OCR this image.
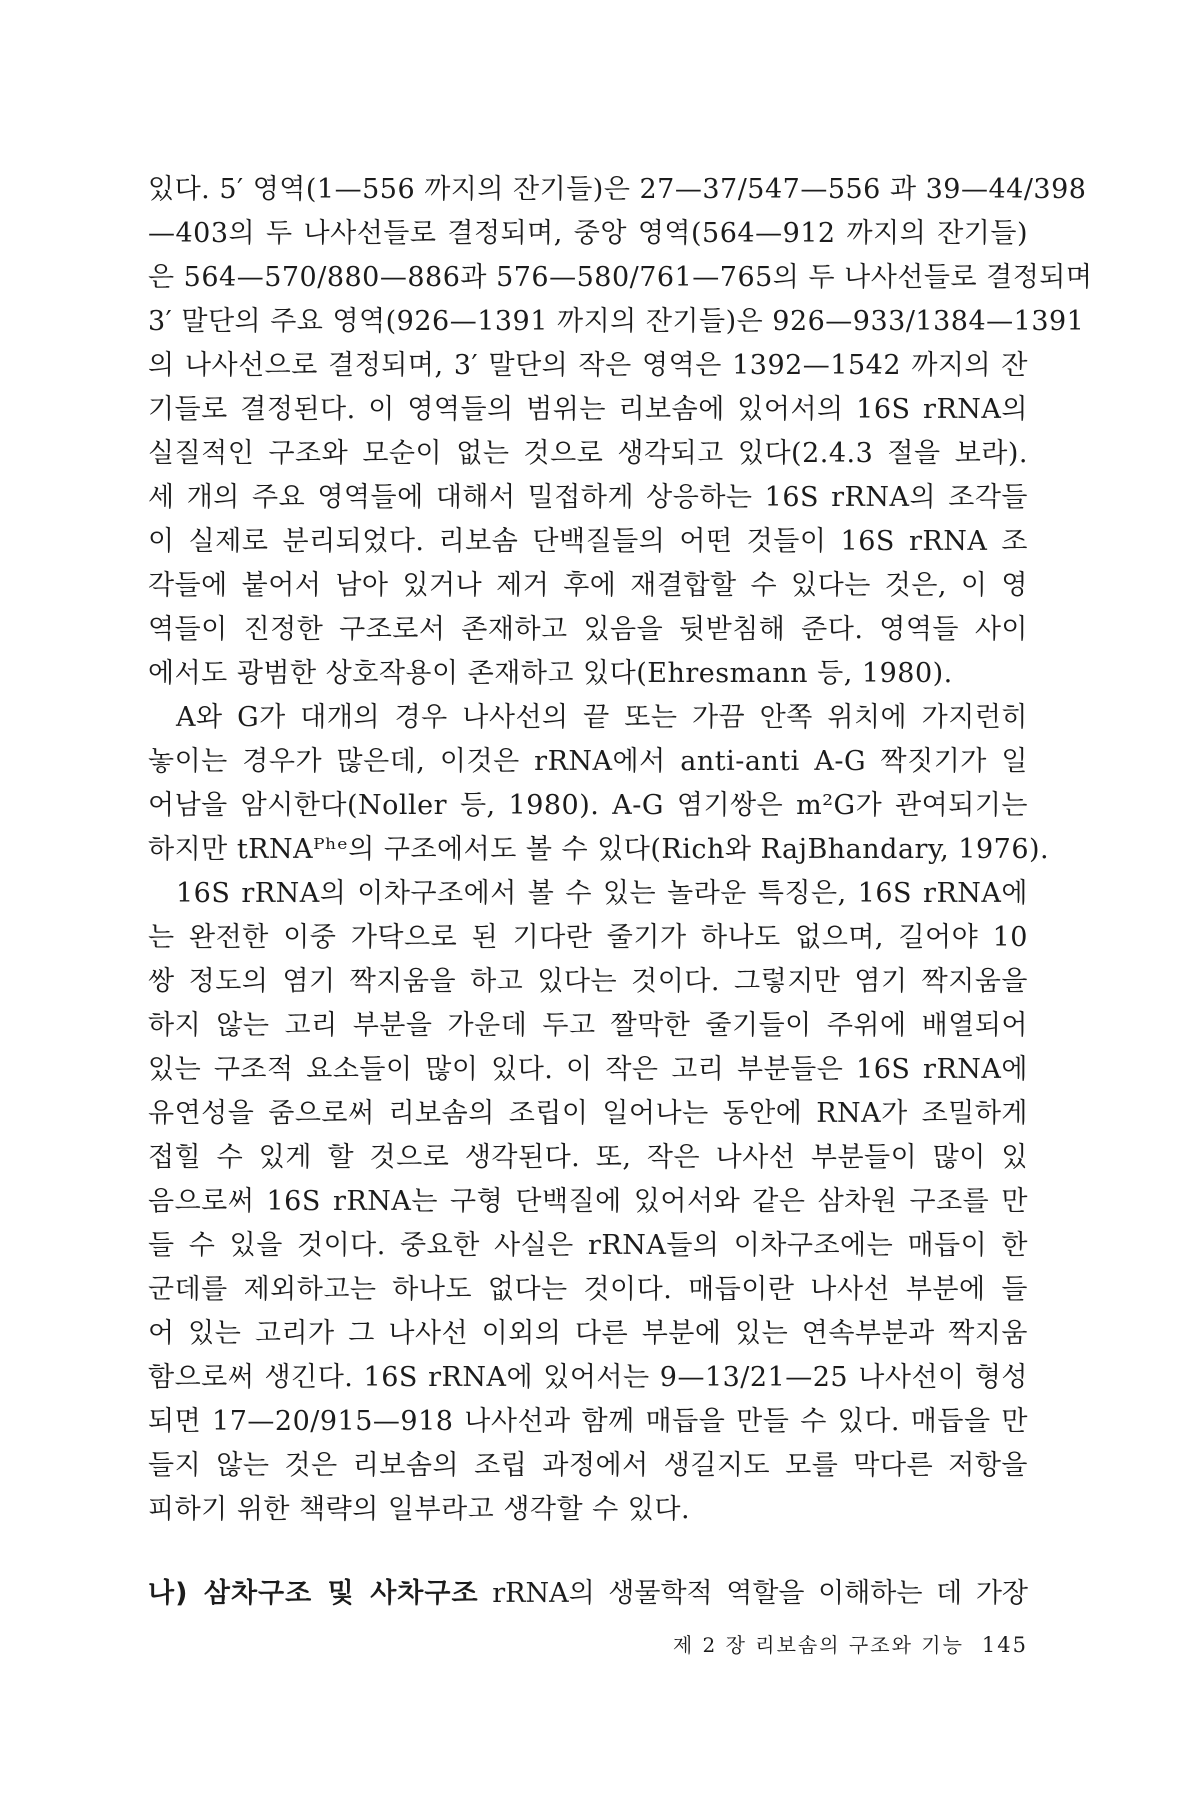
있다. 5′ 영역(1—556 까지의 잔기들)은 27—37/547—556 과 39—44/398
—403의 두 나사선들로 결정되며, 중앙 영역(564—912 까지의 잔기들)
은 564—570/880—886과 576—580/761—765의 두 나사선들로 결정되며
3′ 말단의 주요 영역(926—1391 까지의 잔기들)은 926—933/1384—1391
의 나사선으로 결정되며, 3′ 말단의 작은 영역은 1392—1542 까지의 잔
기들로 결정된다. 이 영역들의 범위는 리보솜에 있어서의 16S rRNA의
실질적인 구조와 모순이 없는 것으로 생각되고 있다(2.4.3 절을 보라).
세 개의 주요 영역들에 대해서 밀접하게 상응하는 16S rRNA의 조각들
이 실제로 분리되었다. 리보솜 단백질들의 어떤 것들이 16S rRNA 조
각들에 붙어서 남아 있거나 제거 후에 재결합할 수 있다는 것은, 이 영
역들이 진정한 구조로서 존재하고 있음을 뒷받침해 준다. 영역들 사이
에서도 광범한 상호작용이 존재하고 있다(Ehresmann 등, 1980).
A와 G가 대개의 경우 나사선의 끝 또는 가끔 안쪽 위치에 가지런히
놓이는 경우가 많은데, 이것은 rRNA에서 anti-anti A-G 짝짓기가 일
어남을 암시한다(Noller 등, 1980). A-G 염기쌍은 m²G가 관여되기는
하지만 tRNAᴾʰᵉ의 구조에서도 볼 수 있다(Rich와 RajBhandary, 1976).
16S rRNA의 이차구조에서 볼 수 있는 놀라운 특징은, 16S rRNA에
는 완전한 이중 가닥으로 된 기다란 줄기가 하나도 없으며, 길어야 10
쌍 정도의 염기 짝지움을 하고 있다는 것이다. 그렇지만 염기 짝지움을
하지 않는 고리 부분을 가운데 두고 짤막한 줄기들이 주위에 배열되어
있는 구조적 요소들이 많이 있다. 이 작은 고리 부분들은 16S rRNA에
유연성을 줌으로써 리보솜의 조립이 일어나는 동안에 RNA가 조밀하게
접힐 수 있게 할 것으로 생각된다. 또, 작은 나사선 부분들이 많이 있
음으로써 16S rRNA는 구형 단백질에 있어서와 같은 삼차원 구조를 만
들 수 있을 것이다. 중요한 사실은 rRNA들의 이차구조에는 매듭이 한
군데를 제외하고는 하나도 없다는 것이다. 매듭이란 나사선 부분에 들
어 있는 고리가 그 나사선 이외의 다른 부분에 있는 연속부분과 짝지움
함으로써 생긴다. 16S rRNA에 있어서는 9—13/21—25 나사선이 형성
되면 17—20/915—918 나사선과 함께 매듭을 만들 수 있다. 매듭을 만
들지 않는 것은 리보솜의 조립 과정에서 생길지도 모를 막다른 저항을
피하기 위한 책략의 일부라고 생각할 수 있다.
나) 삼차구조 및 사차구조 rRNA의 생물학적 역할을 이해하는 데 가장
제 2 장 리보솜의 구조와 기능 145
